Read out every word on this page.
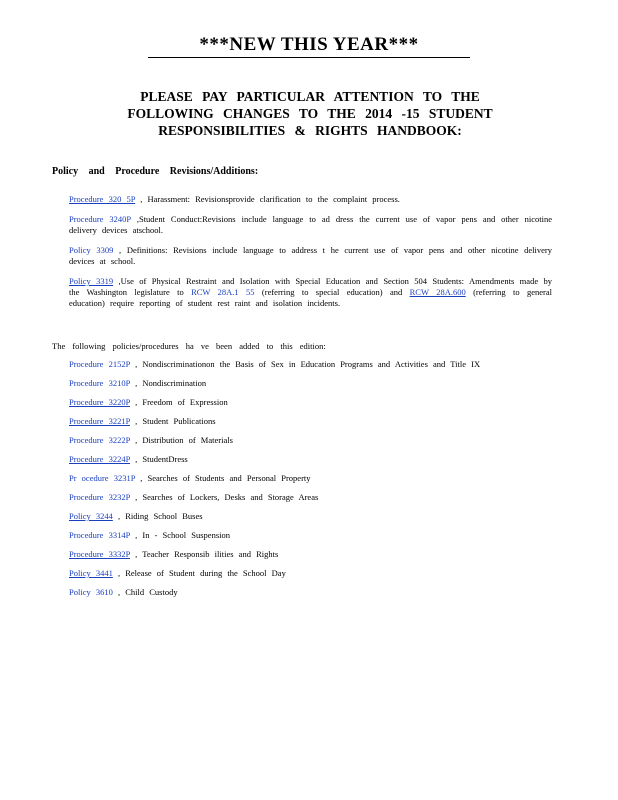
***NEW THIS YEAR***
PLEASE PAY PARTICULAR ATTENTION TO THE
FOLLOWING CHANGES TO THE 2014 -15 STUDENT
RESPONSIBILITIES & RIGHTS HANDBOOK:
Policy and Procedure Revisions/Additions:
Procedure 320 5P , Harassment: Revisionsprovide clarification to the complaint process.
Procedure 3240P ,Student Conduct:Revisions include language to ad dress the current use of vapor pens and other nicotine delivery devices atschool.
Policy 3309 , Definitions: Revisions include language to address t he current use of vapor pens and other nicotine delivery devices at school.
Policy 3319 ,Use of Physical Restraint and Isolation with Special Education and Section 504 Students: Amendments made by the Washington legislature to RCW 28A.1 55 (referring to special education) and RCW 28A.600 (referring to general education) require reporting of student rest raint and isolation incidents.
The following policies/procedures ha ve been added to this edition:
Procedure 2152P , Nondiscriminationon the Basis of Sex in Education Programs and Activities and Title IX
Procedure 3210P , Nondiscrimination
Procedure 3220P , Freedom of Expression
Procedure 3221P , Student Publications
Procedure 3222P , Distribution of Materials
Procedure 3224P , StudentDress
Pr ocedure 3231P , Searches of Students and Personal Property
Procedure 3232P , Searches of Lockers, Desks and Storage Areas
Policy 3244 , Riding School Buses
Procedure 3314P , In - School Suspension
Procedure 3332P , Teacher Responsib ilities and Rights
Policy 3441 , Release of Student during the School Day
Policy 3610 , Child Custody
